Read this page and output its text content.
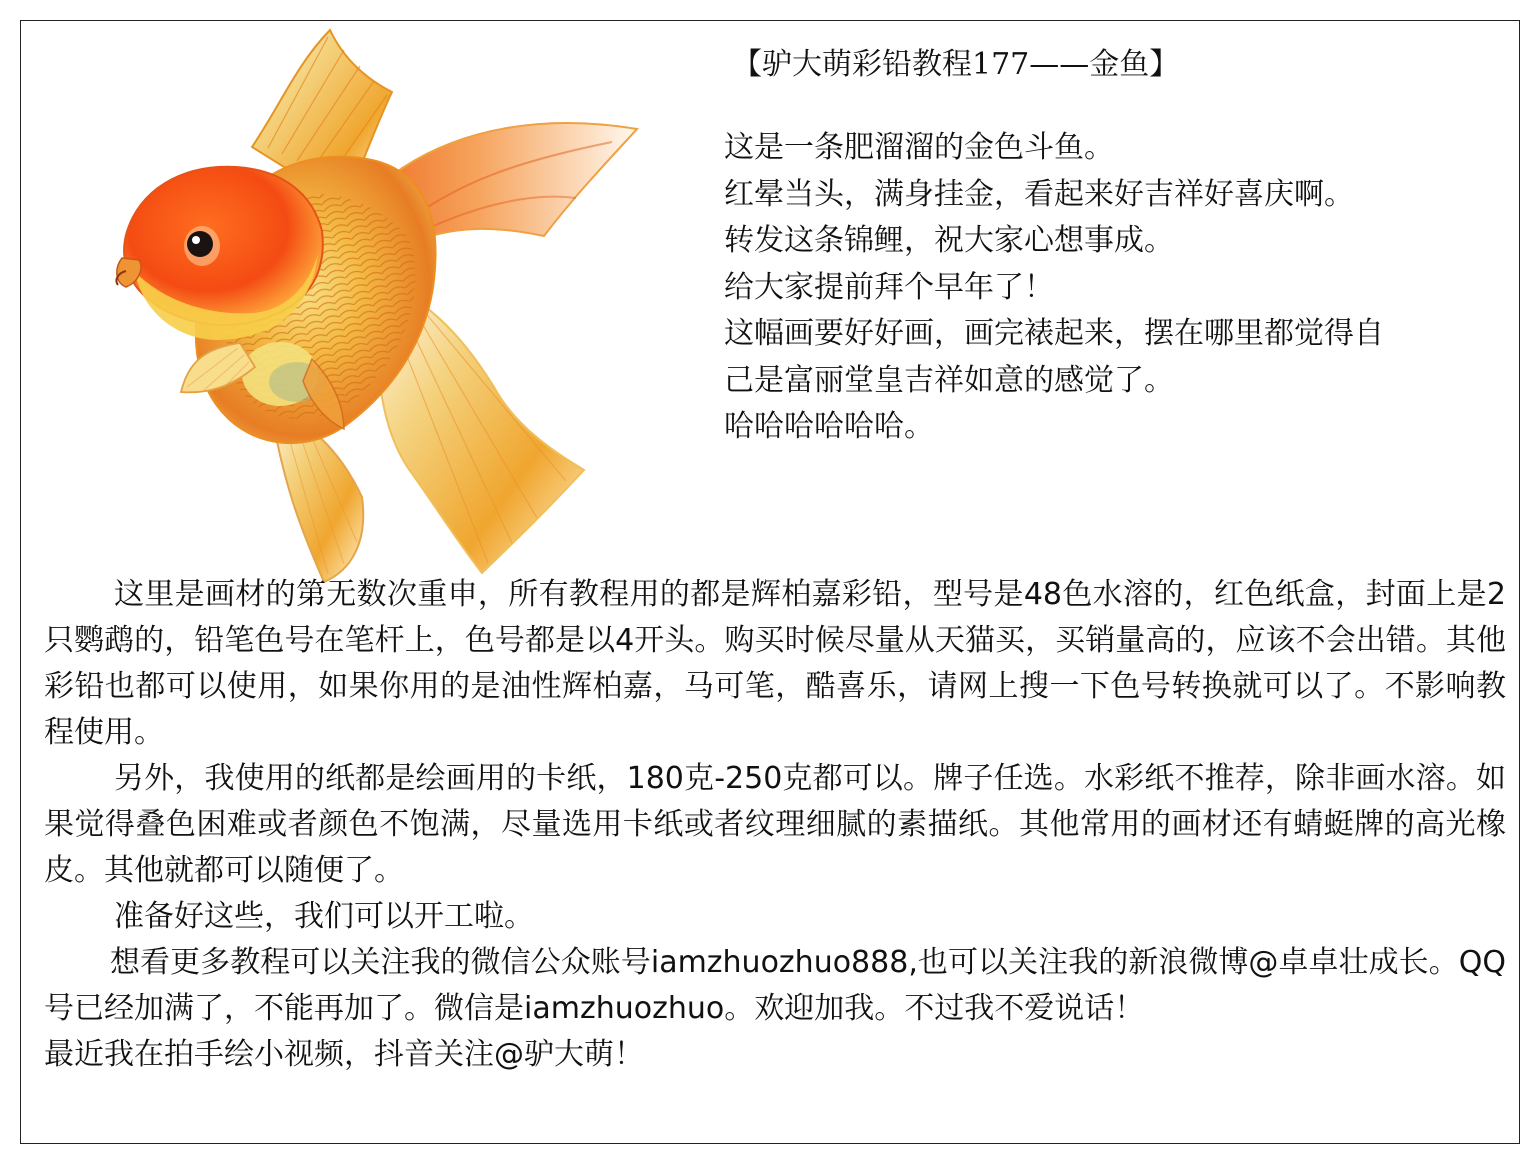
【驴大萌彩铅教程177——金鱼】
这是一条肥溜溜的金色斗鱼。
红晕当头，满身挂金，看起来好吉祥好喜庆啊。
转发这条锦鲤，祝大家心想事成。
给大家提前拜个早年了！
这幅画要好好画，画完裱起来，摆在哪里都觉得自
己是富丽堂皇吉祥如意的感觉了。
哈哈哈哈哈哈。

这里是画材的第无数次重申，所有教程用的都是辉柏嘉彩铅，型号是48色水溶的，红色纸盒，封面上是2只鹦鹉的，铅笔色号在笔杆上，色号都是以4开头。购买时候尽量从天猫买，买销量高的，应该不会出错。其他彩铅也都可以使用，如果你用的是油性辉柏嘉，马可笔，酷喜乐，请网上搜一下色号转换就可以了。不影响教程使用。

另外，我使用的纸都是绘画用的卡纸，180克-250克都可以。牌子任选。水彩纸不推荐，除非画水溶。如果觉得叠色困难或者颜色不饱满，尽量选用卡纸或者纹理细腻的素描纸。其他常用的画材还有蜻蜓牌的高光橡皮。其他就都可以随便了。

准备好这些，我们可以开工啦。

想看更多教程可以关注我的微信公众账号iamzhuozhuo888,也可以关注我的新浪微博@卓卓壮成长。QQ号已经加满了，不能再加了。微信是iamzhuozhuo。欢迎加我。不过我不爱说话！

最近我在拍手绘小视频，抖音关注@驴大萌！
